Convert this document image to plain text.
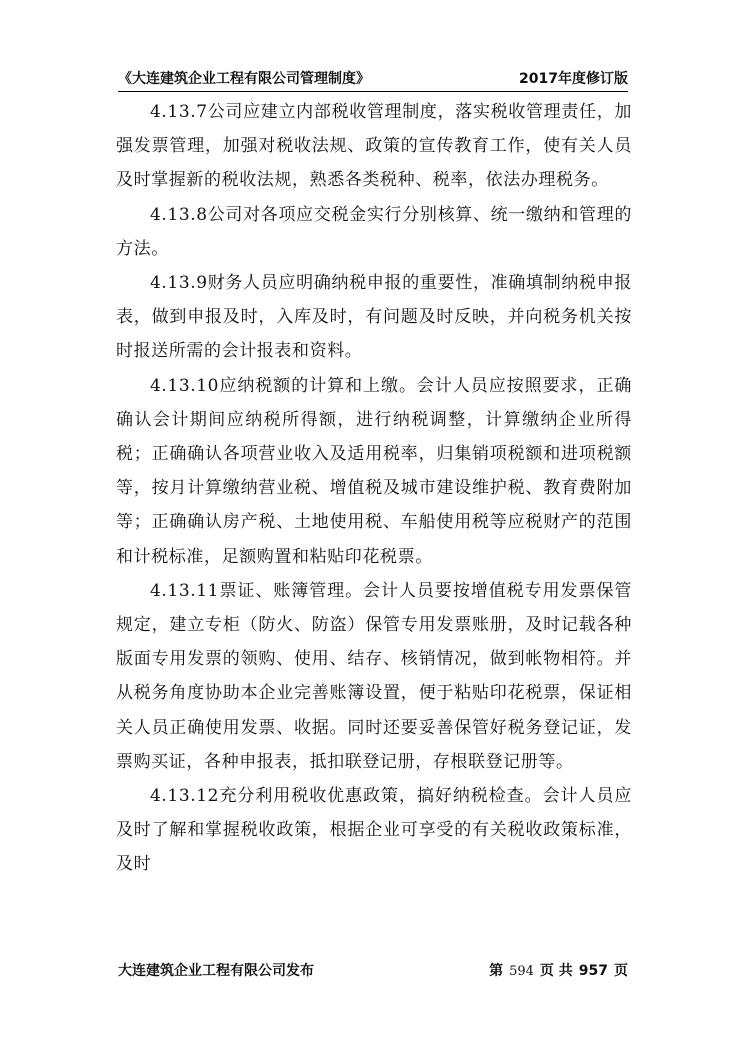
《大连建筑企业工程有限公司管理制度》	2017年度修订版

4.13.7公司应建立内部税收管理制度，落实税收管理责任，加强发票管理，加强对税收法规、政策的宣传教育工作，使有关人员及时掌握新的税收法规，熟悉各类税种、税率，依法办理税务。

4.13.8公司对各项应交税金实行分别核算、统一缴纳和管理的方法。

4.13.9财务人员应明确纳税申报的重要性，准确填制纳税申报表，做到申报及时，入库及时，有问题及时反映，并向税务机关按时报送所需的会计报表和资料。

4.13.10应纳税额的计算和上缴。会计人员应按照要求，正确确认会计期间应纳税所得额，进行纳税调整，计算缴纳企业所得税；正确确认各项营业收入及适用税率，归集销项税额和进项税额等，按月计算缴纳营业税、增值税及城市建设维护税、教育费附加等；正确确认房产税、土地使用税、车船使用税等应税财产的范围和计税标准，足额购置和粘贴印花税票。

4.13.11票证、账簿管理。会计人员要按增值税专用发票保管规定，建立专柜（防火、防盗）保管专用发票账册，及时记载各种版面专用发票的领购、使用、结存、核销情况，做到帐物相符。并从税务角度协助本企业完善账簿设置，便于粘贴印花税票，保证相关人员正确使用发票、收据。同时还要妥善保管好税务登记证，发票购买证，各种申报表，抵扣联登记册，存根联登记册等。

4.13.12充分利用税收优惠政策，搞好纳税检查。会计人员应及时了解和掌握税收政策，根据企业可享受的有关税收政策标准，及时

大连建筑企业工程有限公司发布	第 594 页 共 957 页
